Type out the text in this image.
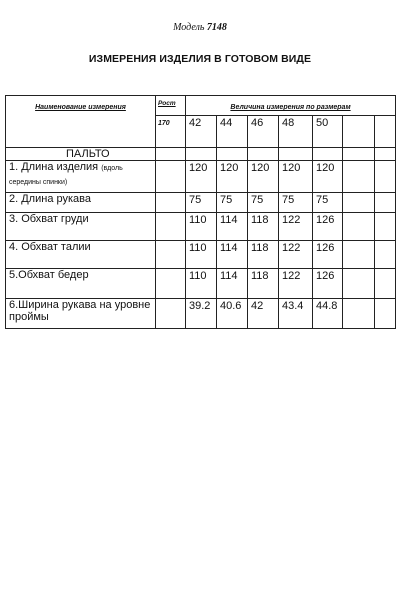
Модель 7148
ИЗМЕРЕНИЯ ИЗДЕЛИЯ В ГОТОВОМ ВИДЕ
Наименование измерения	Рост	Величина измерения по размерам						
	170	42	44	46	48	50		
ПАЛЬТО								
1. Длина изделия (вдоль середины спинки)		120	120	120	120	120		
2. Длина рукава		75	75	75	75	75		
3. Обхват груди		110	114	118	122	126		
4. Обхват талии		110	114	118	122	126		
5.Обхват бедер		110	114	118	122	126		
6.Ширина рукава на уровне проймы		39.2	40.6	42	43.4	44.8		
